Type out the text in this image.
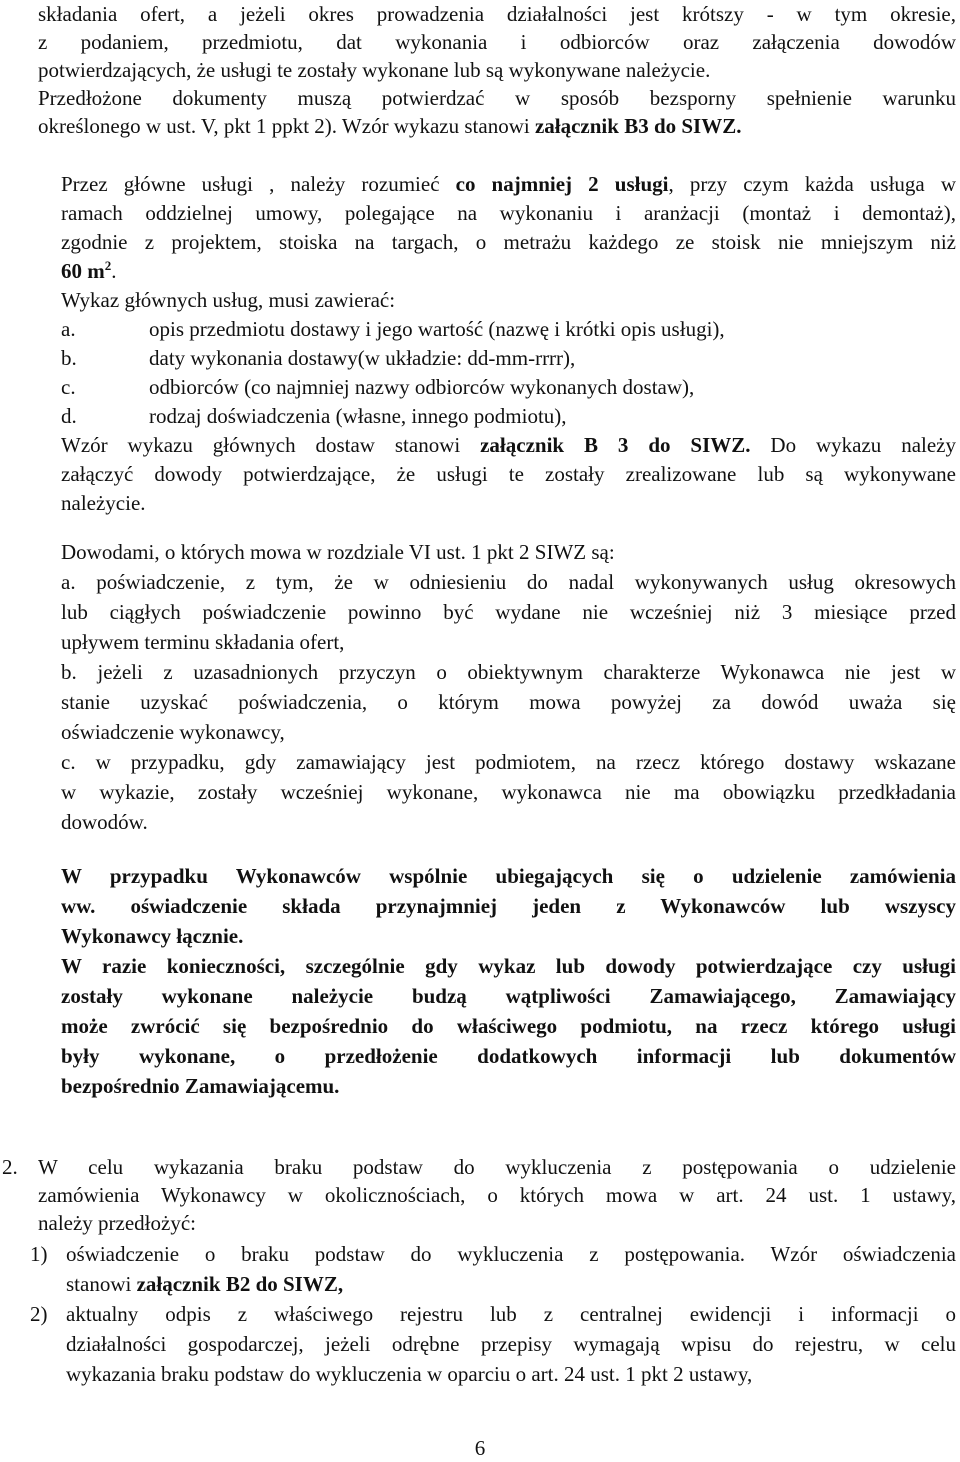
składania ofert, a jeżeli okres prowadzenia działalności jest krótszy - w tym okresie,
z podaniem, przedmiotu, dat wykonania i odbiorców oraz załączenia dowodów
potwierdzających, że usługi te zostały wykonane lub są wykonywane należycie.
Przedłożone dokumenty muszą potwierdzać w sposób bezsporny spełnienie warunku
określonego w ust. V, pkt 1 ppkt 2). Wzór wykazu stanowi załącznik B3 do SIWZ.
Przez główne usługi , należy rozumieć co najmniej 2 usługi, przy czym każda usługa w
ramach oddzielnej umowy, polegające na wykonaniu i aranżacji (montaż i demontaż),
zgodnie z projektem, stoiska na targach, o metrażu każdego ze stoisk nie mniejszym niż
60 $m^2$.
Wykaz głównych usług, musi zawierać:
a.	opis przedmiotu dostawy i jego wartość (nazwę i krótki opis usługi),
b.	daty wykonania dostawy(w układzie: dd-mm-rrrr),
c.	odbiorców (co najmniej nazwy odbiorców wykonanych dostaw),
d.	rodzaj doświadczenia (własne, innego podmiotu),
Wzór wykazu głównych dostaw stanowi załącznik B 3 do SIWZ. Do wykazu należy
załączyć dowody potwierdzające, że usługi te zostały zrealizowane lub są wykonywane
należycie.
Dowodami, o których mowa w rozdziale VI ust. 1 pkt 2 SIWZ są:
a. poświadczenie, z tym, że w odniesieniu do nadal wykonywanych usług okresowych
lub ciągłych poświadczenie powinno być wydane nie wcześniej niż 3 miesiące przed
upływem terminu składania ofert,
b. jeżeli z uzasadnionych przyczyn o obiektywnym charakterze Wykonawca nie jest w
stanie uzyskać poświadczenia, o którym mowa powyżej za dowód uważa się
oświadczenie wykonawcy,
c. w przypadku, gdy zamawiający jest podmiotem, na rzecz którego dostawy wskazane
w wykazie, zostały wcześniej wykonane, wykonawca nie ma obowiązku przedkładania
dowodów.
W przypadku Wykonawców wspólnie ubiegających się o udzielenie zamówienia
ww. oświadczenie składa przynajmniej jeden z Wykonawców lub wszyscy
Wykonawcy łącznie.
W razie konieczności, szczególnie gdy wykaz lub dowody potwierdzające czy usługi
zostały wykonane należycie budzą wątpliwości Zamawiającego, Zamawiający
może zwrócić się bezpośrednio do właściwego podmiotu, na rzecz którego usługi
były wykonane, o przedłożenie dodatkowych informacji lub dokumentów
bezpośrednio Zamawiającemu.
2. W celu wykazania braku podstaw do wykluczenia z postępowania o udzielenie
zamówienia Wykonawcy w okolicznościach, o których mowa w art. 24 ust. 1 ustawy,
należy przedłożyć:
1) oświadczenie o braku podstaw do wykluczenia z postępowania. Wzór oświadczenia
stanowi załącznik B2 do SIWZ,
2) aktualny odpis z właściwego rejestru lub z centralnej ewidencji i informacji o
działalności gospodarczej, jeżeli odrębne przepisy wymagają wpisu do rejestru, w celu
wykazania braku podstaw do wykluczenia w oparciu o art. 24 ust. 1 pkt 2 ustawy,
6
